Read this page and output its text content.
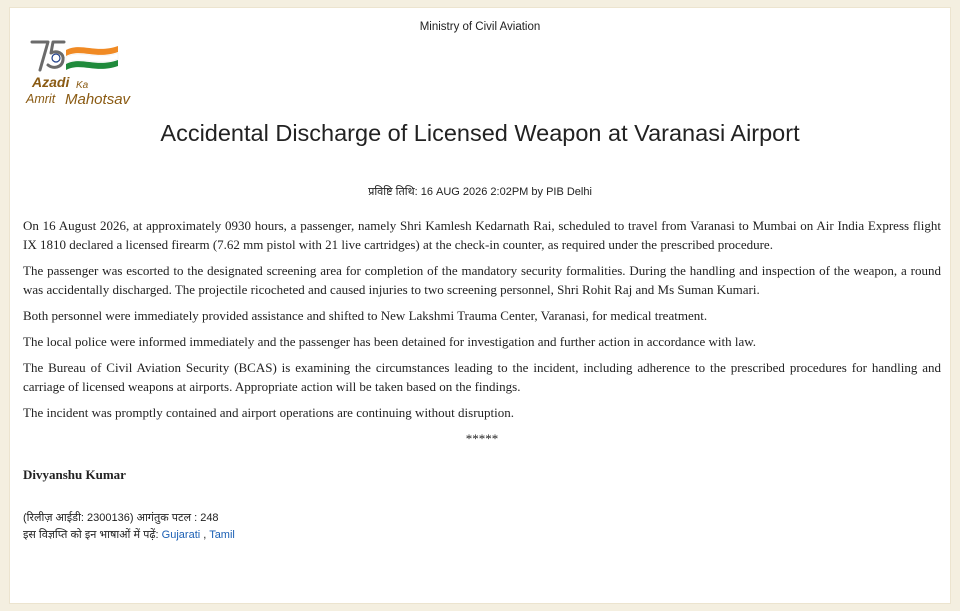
Ministry of Civil Aviation
Azadi Ka
Amrit Mahotsav
Accidental Discharge of Licensed Weapon at Varanasi Airport
प्रविष्टि तिथि: 16 AUG 2026 2:02PM by PIB Delhi

On 16 August 2026, at approximately 0930 hours, a passenger, namely Shri Kamlesh Kedarnath Rai, scheduled to travel from Varanasi to Mumbai on Air India Express flight IX 1810 declared a licensed firearm (7.62 mm pistol with 21 live cartridges) at the check-in counter, as required under the prescribed procedure.

The passenger was escorted to the designated screening area for completion of the mandatory security formalities. During the handling and inspection of the weapon, a round was accidentally discharged. The projectile ricocheted and caused injuries to two screening personnel, Shri Rohit Raj and Ms Suman Kumari.

Both personnel were immediately provided assistance and shifted to New Lakshmi Trauma Center, Varanasi, for medical treatment.

The local police were informed immediately and the passenger has been detained for investigation and further action in accordance with law.

The Bureau of Civil Aviation Security (BCAS) is examining the circumstances leading to the incident, including adherence to the prescribed procedures for handling and carriage of licensed weapons at airports. Appropriate action will be taken based on the findings.

The incident was promptly contained and airport operations are continuing without disruption.

*****
Divyanshu Kumar
(रिलीज़ आईडी: 2300136) आगंतुक पटल : 248
इस विज्ञप्ति को इन भाषाओं में पढ़ें: Gujarati , Tamil
